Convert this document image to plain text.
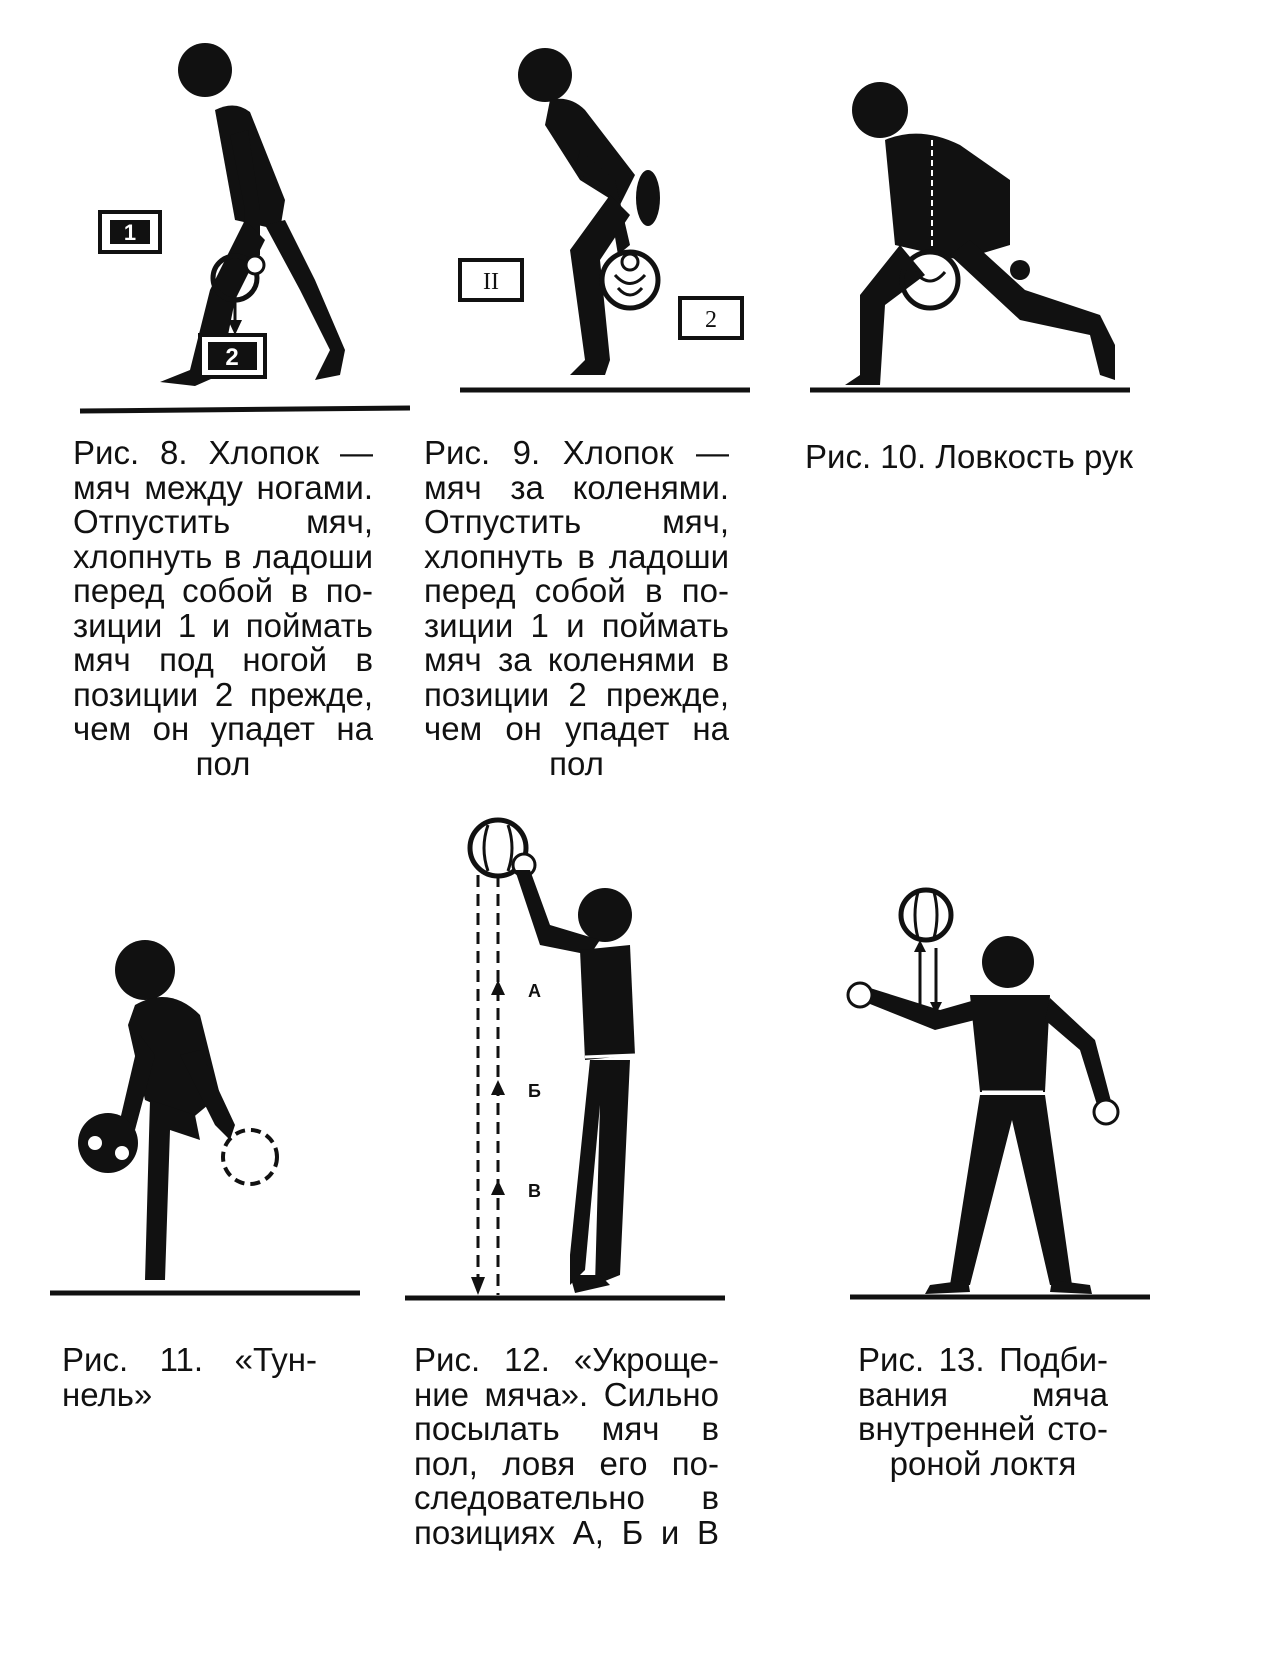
1
2
Рис. 8. Хлопок —
мяч между ногами.
Отпустить мяч,
хлопнуть в ладоши
перед собой в по-
зиции 1 и поймать
мяч под ногой в
позиции 2 прежде,
чем он упадет на
пол
II
2
Рис. 9. Хлопок —
мяч за коленями.
Отпустить мяч,
хлопнуть в ладоши
перед собой в по-
зиции 1 и поймать
мяч за коленями в
позиции 2 прежде,
чем он упадет на
пол
Рис. 10. Ловкость рук
Рис. 11. «Тун-
нель»
А
Б
В
Рис. 12. «Укроще-
ние мяча». Сильно
посылать мяч в
пол, ловя его по-
следовательно в
позициях А, Б и В
Рис. 13. Подби-
вания мяча
внутренней сто-
роной локтя
